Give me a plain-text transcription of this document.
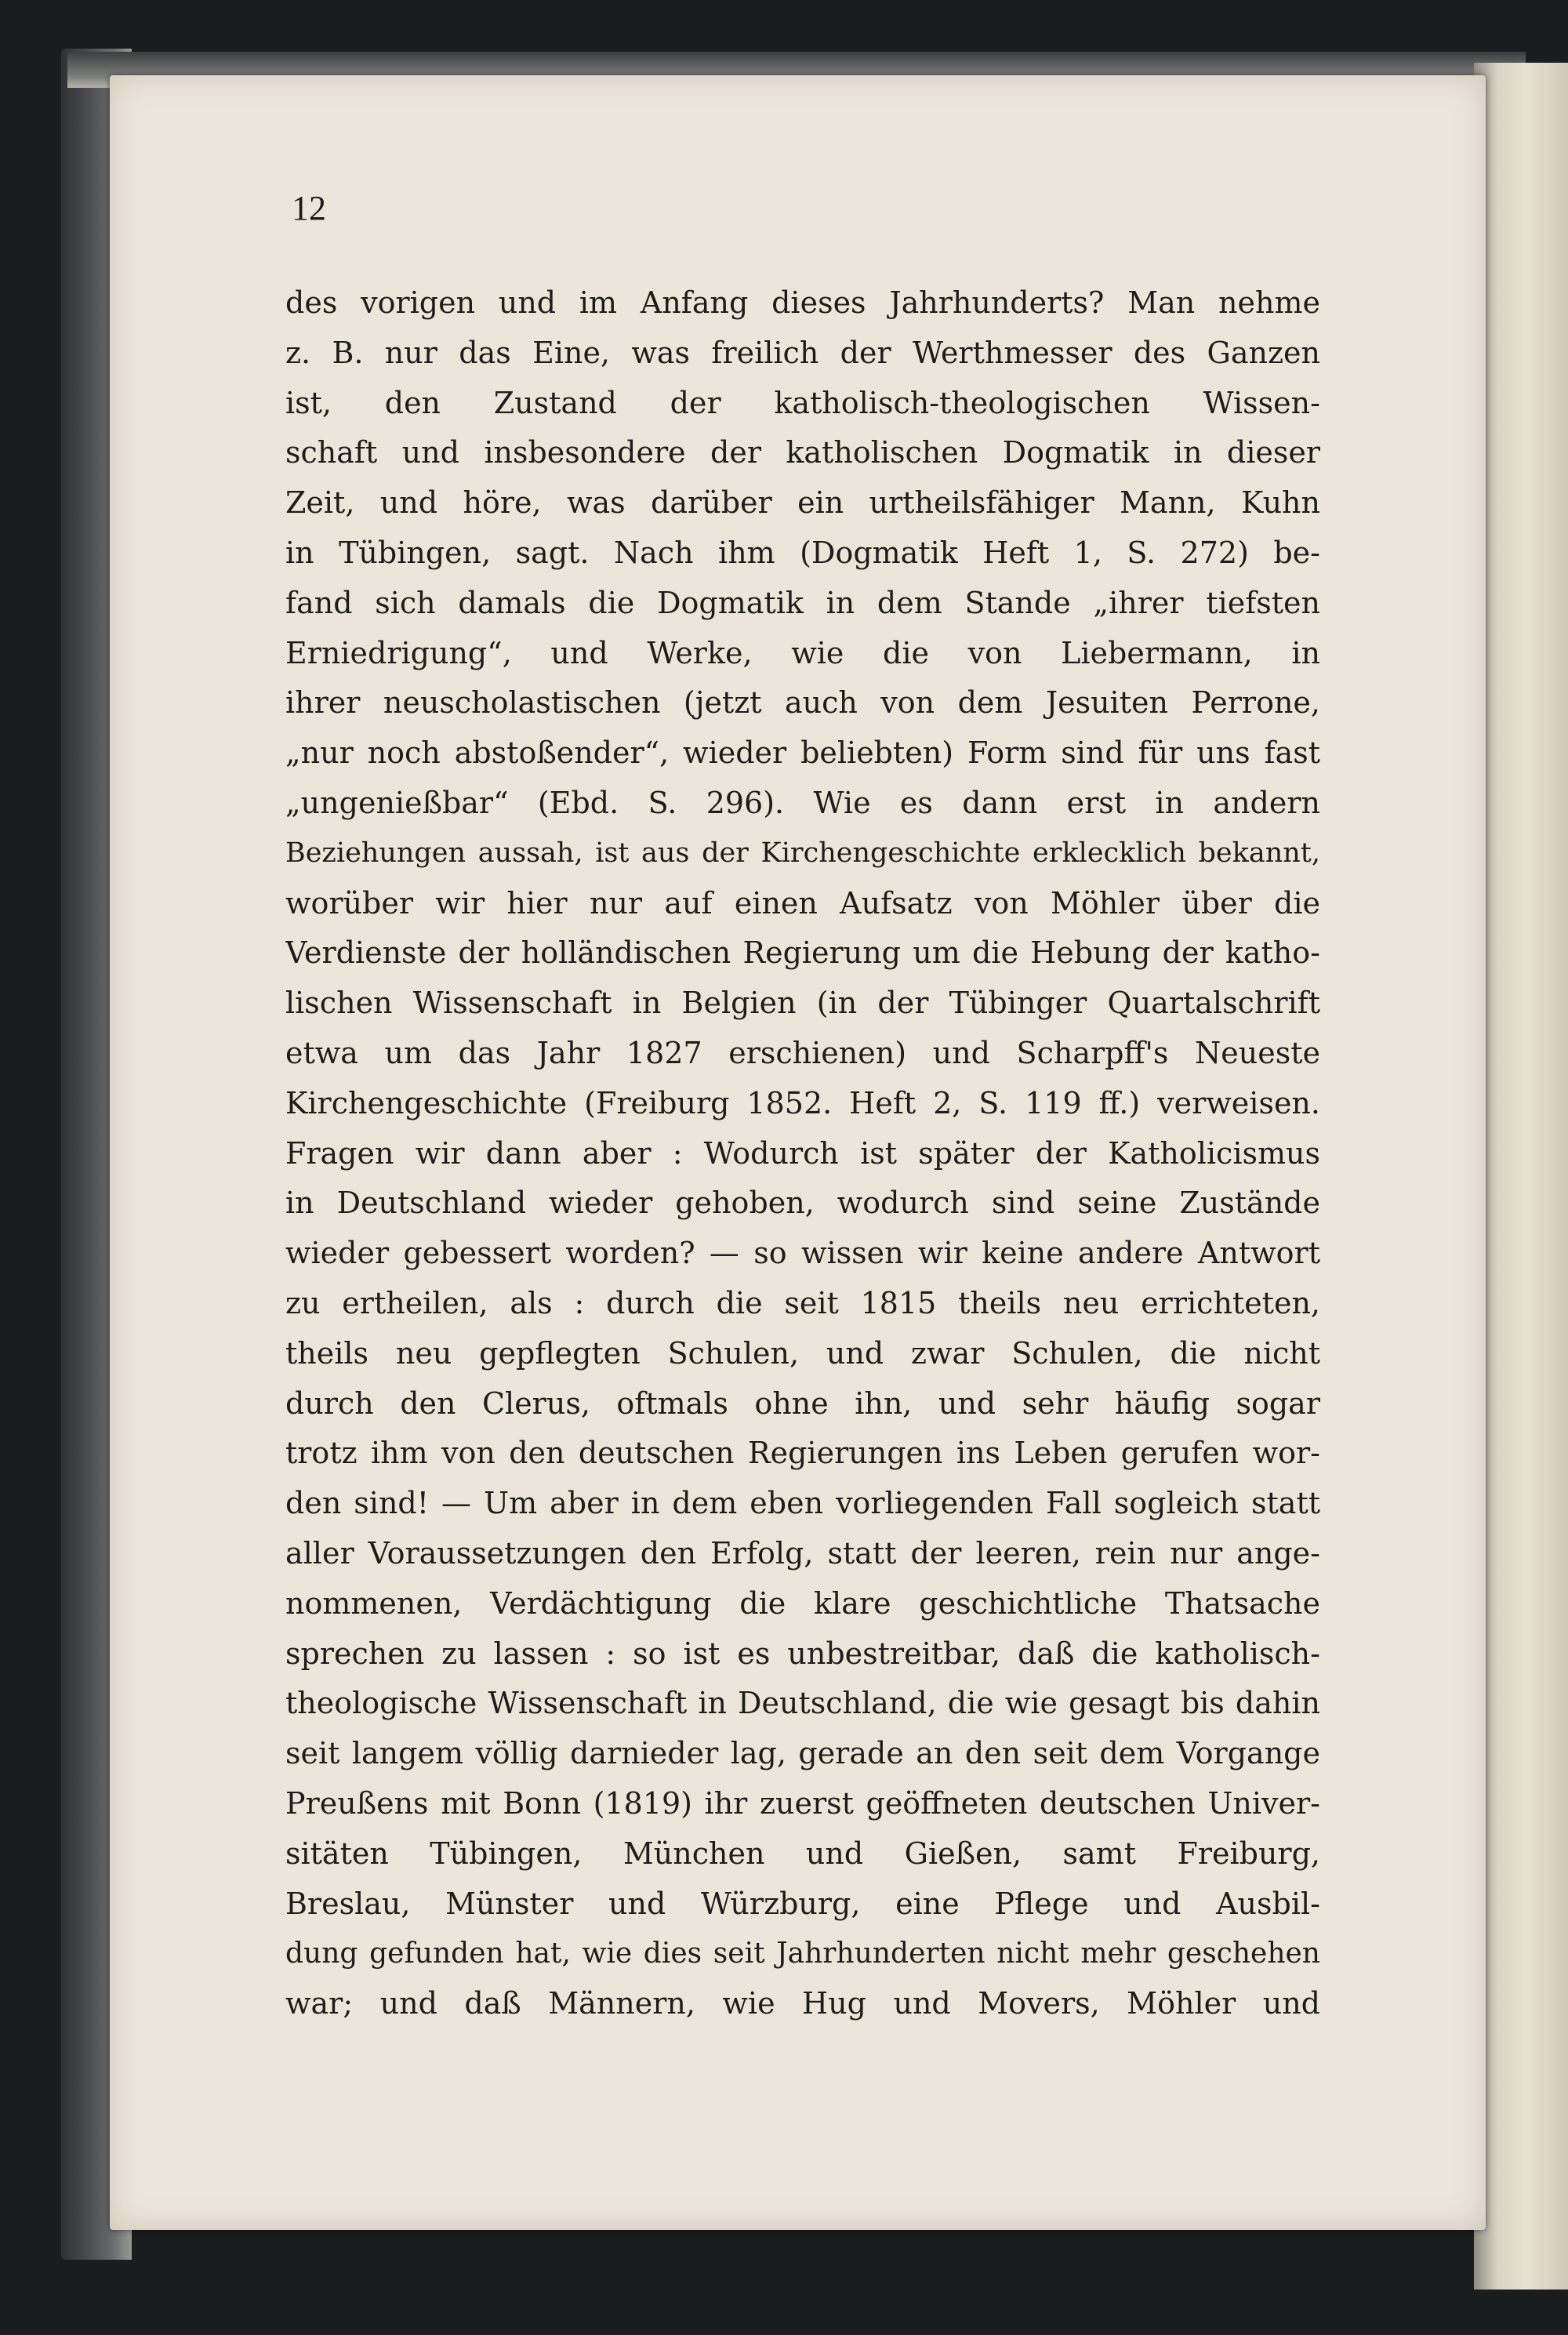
12

des vorigen und im Anfang dieses Jahrhunderts? Man nehme
z. B. nur das Eine, was freilich der Werthmesser des Ganzen
ist, den Zustand der katholisch-theologischen Wissen-
schaft und insbesondere der katholischen Dogmatik in dieser
Zeit, und höre, was darüber ein urtheilsfähiger Mann, Kuhn
in Tübingen, sagt. Nach ihm (Dogmatik Heft 1, S. 272) be-
fand sich damals die Dogmatik in dem Stande „ihrer tiefsten
Erniedrigung“, und Werke, wie die von Liebermann, in
ihrer neuscholastischen (jetzt auch von dem Jesuiten Perrone,
„nur noch abstoßender“, wieder beliebten) Form sind für uns fast
„ungenießbar“ (Ebd. S. 296). Wie es dann erst in andern
Beziehungen aussah, ist aus der Kirchengeschichte erklecklich bekannt,
worüber wir hier nur auf einen Aufsatz von Möhler über die
Verdienste der holländischen Regierung um die Hebung der katho-
lischen Wissenschaft in Belgien (in der Tübinger Quartalschrift
etwa um das Jahr 1827 erschienen) und Scharpff's Neueste
Kirchengeschichte (Freiburg 1852. Heft 2, S. 119 ff.) verweisen.
Fragen wir dann aber : Wodurch ist später der Katholicismus
in Deutschland wieder gehoben, wodurch sind seine Zustände
wieder gebessert worden? — so wissen wir keine andere Antwort
zu ertheilen, als : durch die seit 1815 theils neu errichteten,
theils neu gepflegten Schulen, und zwar Schulen, die nicht
durch den Clerus, oftmals ohne ihn, und sehr häufig sogar
trotz ihm von den deutschen Regierungen ins Leben gerufen wor-
den sind! — Um aber in dem eben vorliegenden Fall sogleich statt
aller Voraussetzungen den Erfolg, statt der leeren, rein nur ange-
nommenen, Verdächtigung die klare geschichtliche Thatsache
sprechen zu lassen : so ist es unbestreitbar, daß die katholisch-
theologische Wissenschaft in Deutschland, die wie gesagt bis dahin
seit langem völlig darnieder lag, gerade an den seit dem Vorgange
Preußens mit Bonn (1819) ihr zuerst geöffneten deutschen Univer-
sitäten Tübingen, München und Gießen, samt Freiburg,
Breslau, Münster und Würzburg, eine Pflege und Ausbil-
dung gefunden hat, wie dies seit Jahrhunderten nicht mehr geschehen
war; und daß Männern, wie Hug und Movers, Möhler und
